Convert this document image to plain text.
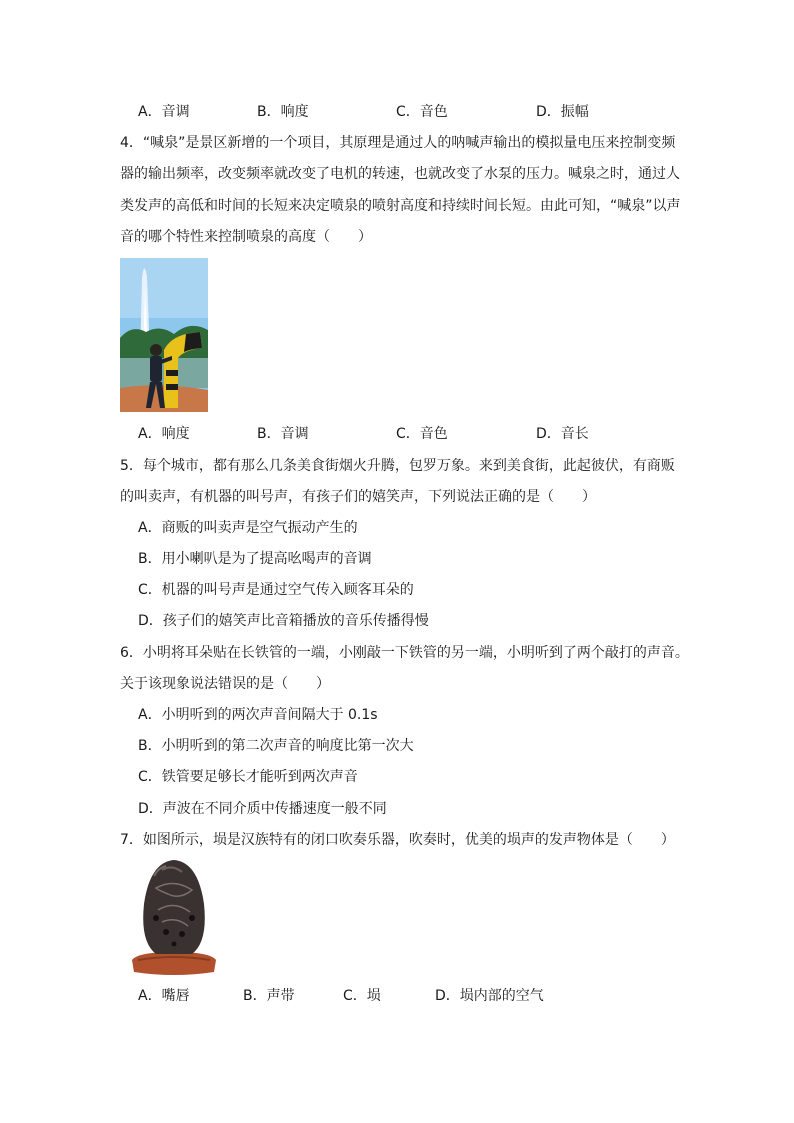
A．音调	B．响度	C．音色	D．振幅
4．“喊泉”是景区新增的一个项目，其原理是通过人的呐喊声输出的模拟量电压来控制变频
器的输出频率，改变频率就改变了电机的转速，也就改变了水泵的压力。喊泉之时，通过人
类发声的高低和时间的长短来决定喷泉的喷射高度和持续时间长短。由此可知，“喊泉”以声
音的哪个特性来控制喷泉的高度（　　）
A．响度	B．音调	C．音色	D．音长
5．每个城市，都有那么几条美食街烟火升腾，包罗万象。来到美食街，此起彼伏，有商贩
的叫卖声，有机器的叫号声，有孩子们的嬉笑声，下列说法正确的是（　　）
A．商贩的叫卖声是空气振动产生的
B．用小喇叭是为了提高吆喝声的音调
C．机器的叫号声是通过空气传入顾客耳朵的
D．孩子们的嬉笑声比音箱播放的音乐传播得慢
6．小明将耳朵贴在长铁管的一端，小刚敲一下铁管的另一端，小明听到了两个敲打的声音。
关于该现象说法错误的是（　　）
A．小明听到的两次声音间隔大于 0.1s
B．小明听到的第二次声音的响度比第一次大
C．铁管要足够长才能听到两次声音
D．声波在不同介质中传播速度一般不同
7．如图所示，埙是汉族特有的闭口吹奏乐器，吹奏时，优美的埙声的发声物体是（　　）
A．嘴唇	B．声带	C．埙	D．埙内部的空气
